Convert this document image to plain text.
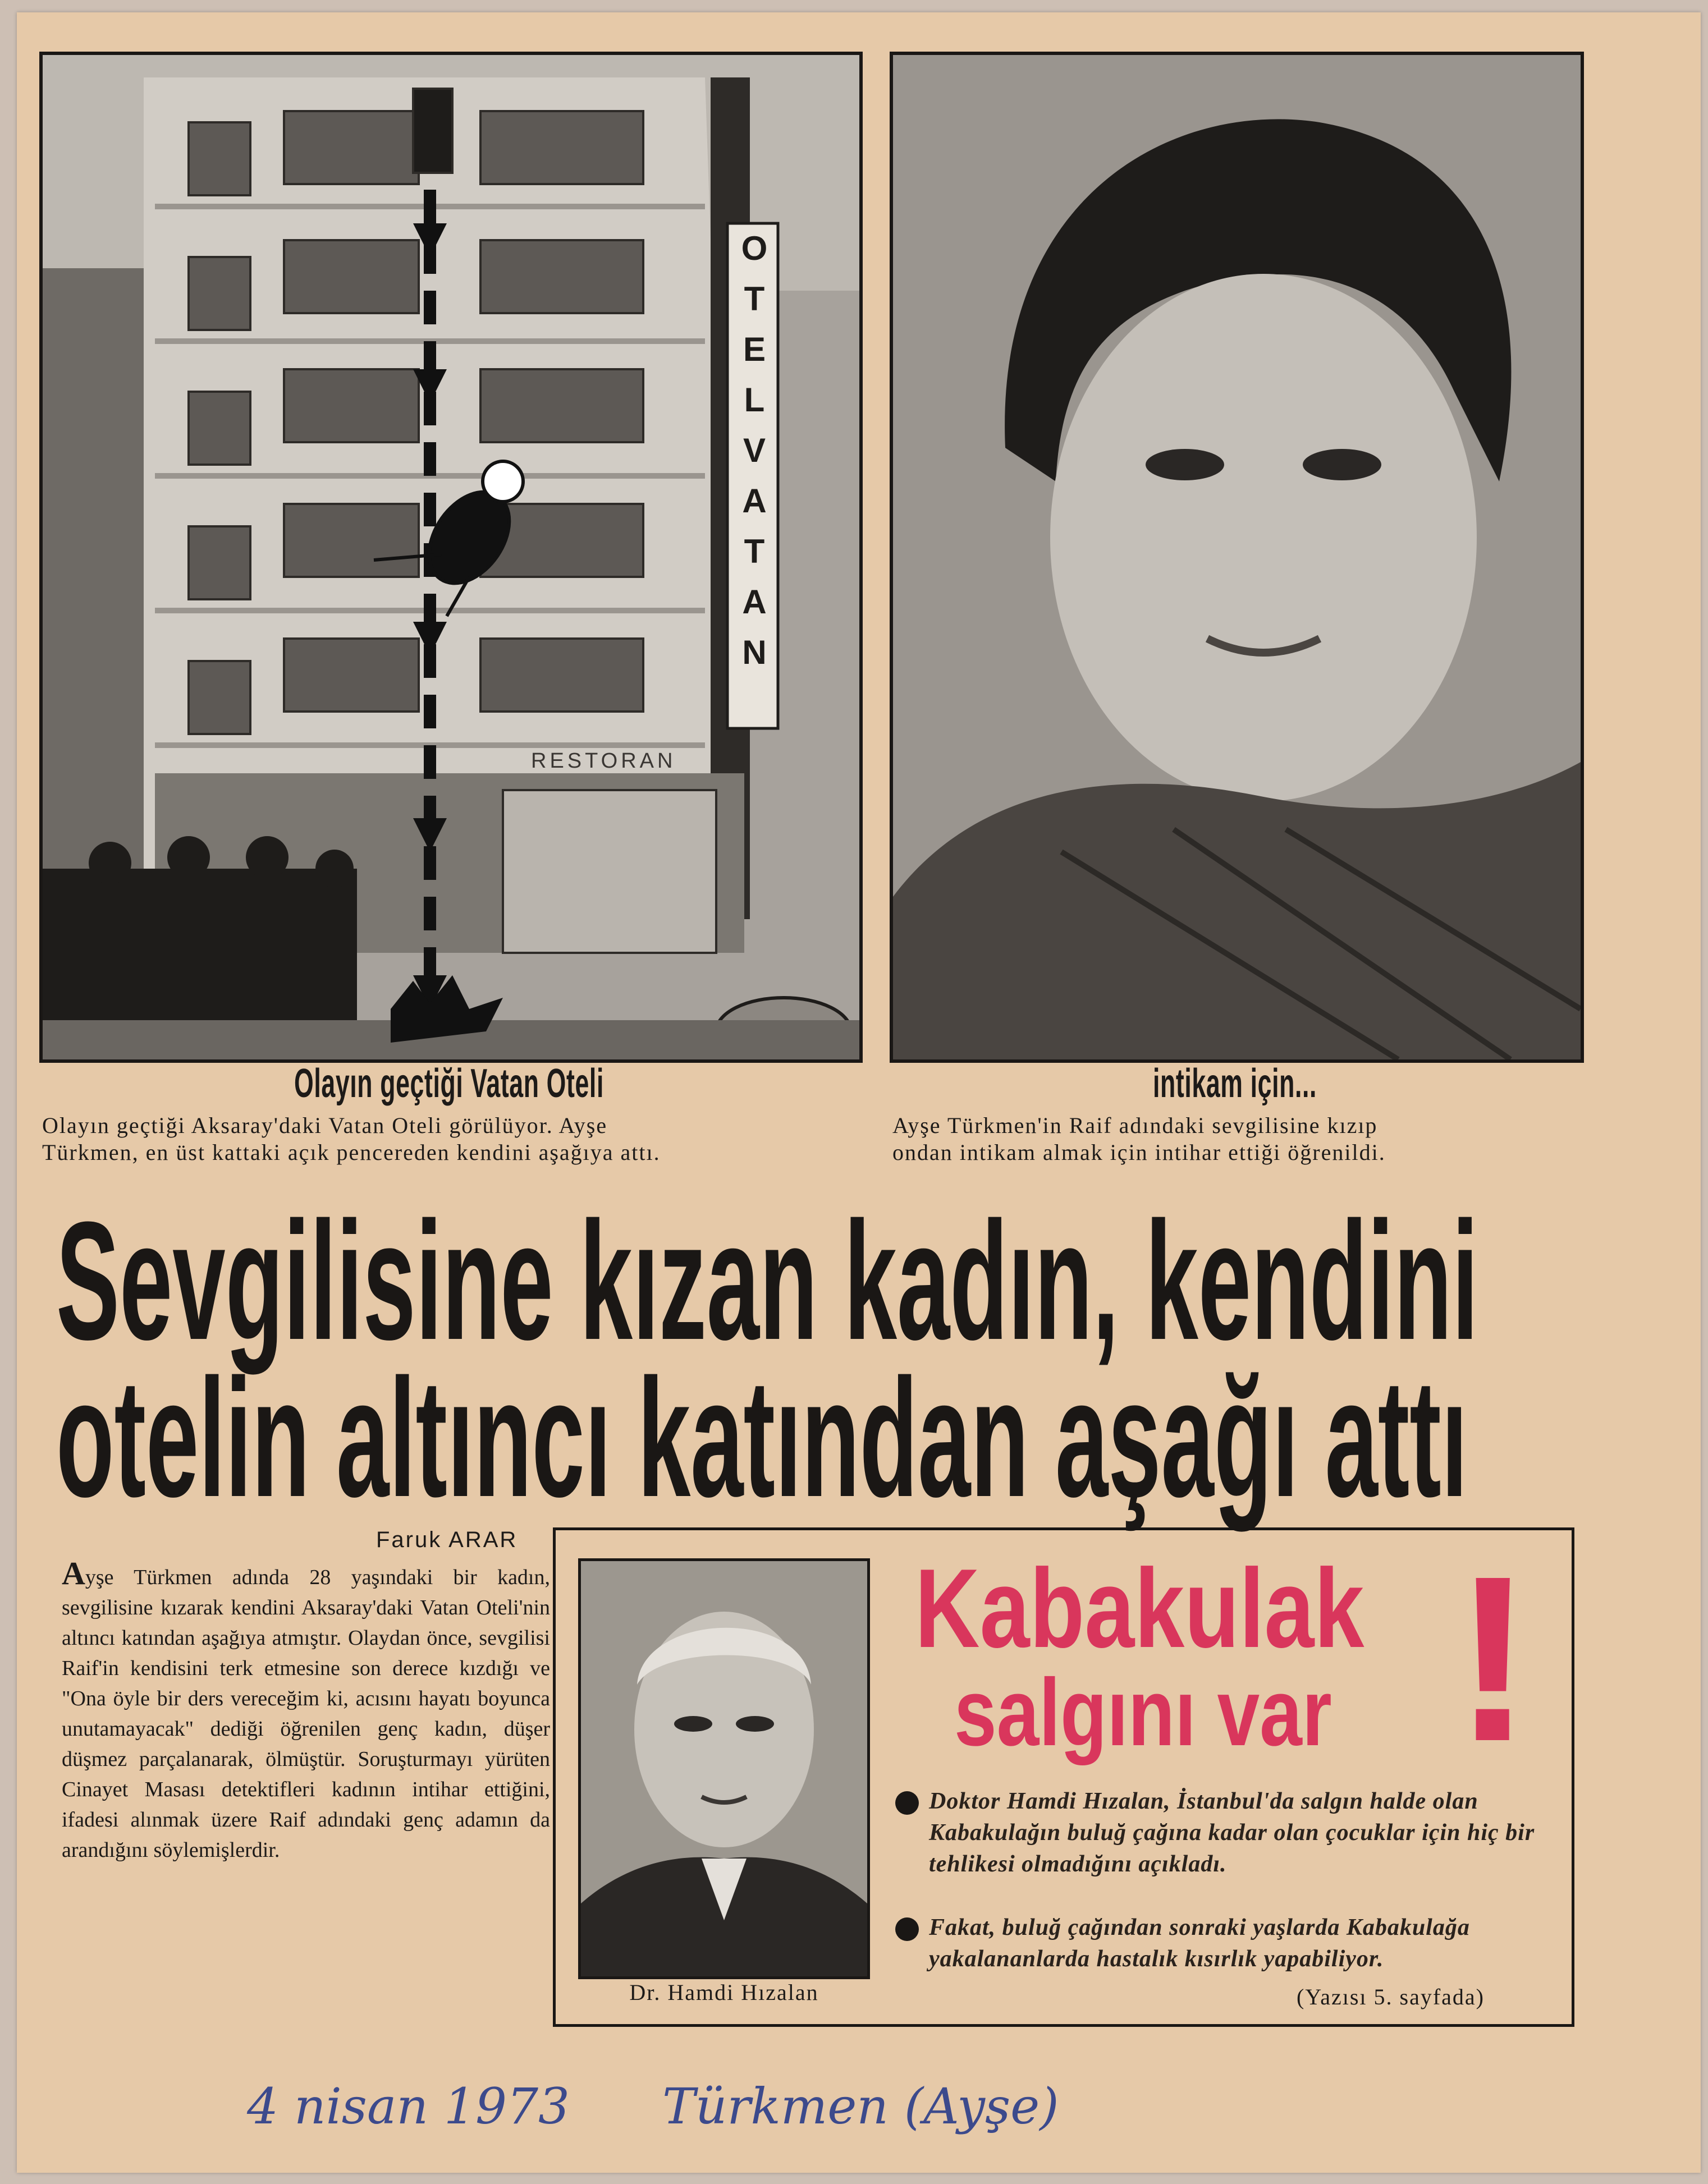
RESTORAN
O
T
E
L
V
A
T
A
N
Olayın geçtiği Vatan Oteli
Olayın geçtiği Aksaray'daki Vatan Oteli görülüyor. Ayşe
Türkmen, en üst kattaki açık pencereden kendini aşağıya attı.
intikam için...
Ayşe Türkmen'in Raif adındaki sevgilisine kızıp
ondan intikam almak için intihar ettiği öğrenildi.
Sevgilisine kızan kadın, kendini
otelin altıncı katından aşağı attı
Faruk ARAR
Ayşe Türkmen adında 28 yaşındaki bir kadın, sevgilisine kızarak kendini Aksaray'daki Vatan Oteli'nin altıncı katından aşağıya atmıştır. Olaydan önce, sevgilisi Raif'in kendisini terk etmesine son derece kızdığı ve "Ona öyle bir ders vereceğim ki, acısını hayatı boyunca unutamayacak" dediği öğrenilen genç kadın, düşer düşmez parçalanarak, ölmüştür. Soruşturmayı yürüten Cinayet Masası detektifleri kadının intihar ettiğini, ifadesi alınmak üzere Raif adındaki genç adamın da arandığını söylemişlerdir.
Dr. Hamdi Hızalan
Kabakulak
salgını var !
Doktor Hamdi Hızalan, İstanbul'da salgın halde olan Kabakulağın buluğ çağına kadar olan çocuklar için hiç bir tehlikesi olmadığını açıkladı.
Fakat, buluğ çağından sonraki yaşlarda Kabakulağa yakalananlarda hastalık kısırlık yapabiliyor.
(Yazısı 5. sayfada)
4 nisan 1973 Türkmen (Ayşe)
